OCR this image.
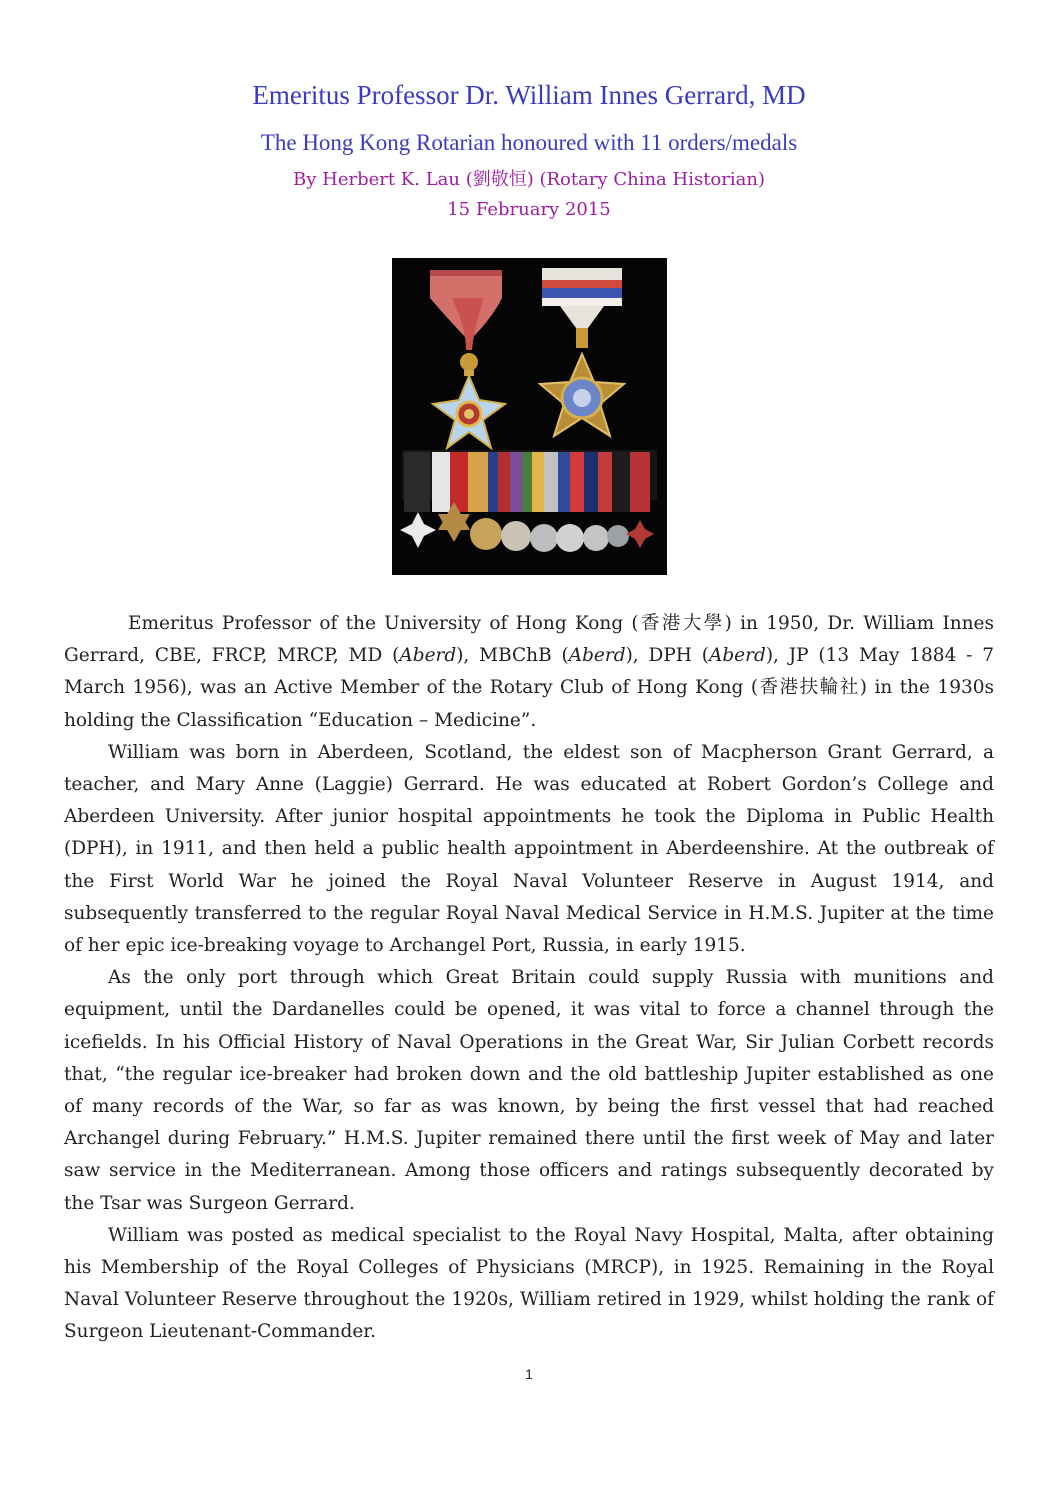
Emeritus Professor Dr. William Innes Gerrard, MD
The Hong Kong Rotarian honoured with 11 orders/medals
By Herbert K. Lau (劉敬恒) (Rotary China Historian)
15 February 2015

Emeritus Professor of the University of Hong Kong (香港大學) in 1950, Dr. William Innes Gerrard, CBE, FRCP, MRCP, MD (Aberd), MBChB (Aberd), DPH (Aberd), JP (13 May 1884 - 7 March 1956), was an Active Member of the Rotary Club of Hong Kong (香港扶輪社) in the 1930s holding the Classification “Education – Medicine”.

William was born in Aberdeen, Scotland, the eldest son of Macpherson Grant Gerrard, a teacher, and Mary Anne (Laggie) Gerrard. He was educated at Robert Gordon’s College and Aberdeen University. After junior hospital appointments he took the Diploma in Public Health (DPH), in 1911, and then held a public health appointment in Aberdeenshire. At the outbreak of the First World War he joined the Royal Naval Volunteer Reserve in August 1914, and subsequently transferred to the regular Royal Naval Medical Service in H.M.S. Jupiter at the time of her epic ice-breaking voyage to Archangel Port, Russia, in early 1915.

As the only port through which Great Britain could supply Russia with munitions and equipment, until the Dardanelles could be opened, it was vital to force a channel through the icefields. In his Official History of Naval Operations in the Great War, Sir Julian Corbett records that, “the regular ice-breaker had broken down and the old battleship Jupiter established as one of many records of the War, so far as was known, by being the first vessel that had reached Archangel during February.” H.M.S. Jupiter remained there until the first week of May and later saw service in the Mediterranean. Among those officers and ratings subsequently decorated by the Tsar was Surgeon Gerrard.

William was posted as medical specialist to the Royal Navy Hospital, Malta, after obtaining his Membership of the Royal Colleges of Physicians (MRCP), in 1925. Remaining in the Royal Naval Volunteer Reserve throughout the 1920s, William retired in 1929, whilst holding the rank of Surgeon Lieutenant-Commander.

1
